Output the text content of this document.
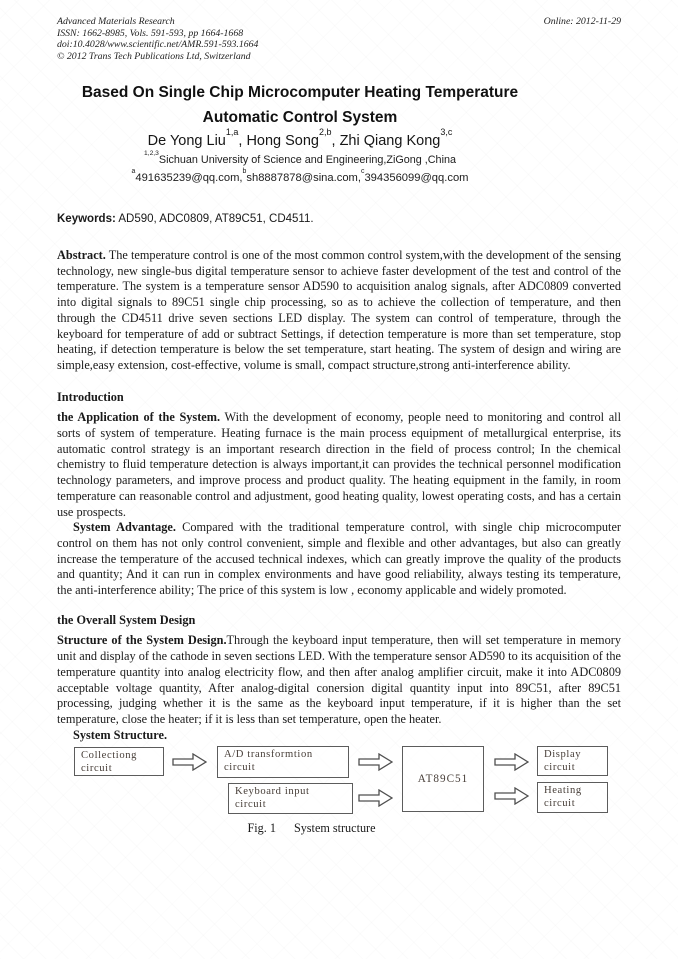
Advanced Materials Research
ISSN: 1662-8985, Vols. 591-593, pp 1664-1668
doi:10.4028/www.scientific.net/AMR.591-593.1664
© 2012 Trans Tech Publications Ltd, Switzerland
Online: 2012-11-29
Based On Single Chip Microcomputer Heating Temperature
Automatic Control System
De Yong Liu$^{1,a}$, Hong Song$^{2,b}$, Zhi Qiang Kong$^{3,c}$
$^{1,2,3}$Sichuan University of Science and Engineering,ZiGong ,China
$^a$491635239@qq.com,$^b$sh8887878@sina.com,$^c$394356099@qq.com
Keywords: AD590, ADC0809, AT89C51, CD4511.

Abstract. The temperature control is one of the most common control system,with the development of the sensing technology, new single-bus digital temperature sensor to achieve faster development of the test and control of the temperature. The system is a temperature sensor AD590 to acquisition analog signals, after ADC0809 converted into digital signals to 89C51 single chip processing, so as to achieve the collection of temperature, and then through the CD4511 drive seven sections LED display. The system can control of temperature, through the keyboard for temperature of add or subtract Settings, if detection temperature is more than set temperature, stop heating, if detection temperature is below the set temperature, start heating. The system of design and wiring are simple,easy extension, cost-effective, volume is small, compact structure,strong anti-interference ability.

Introduction

the Application of the System. With the development of economy, people need to monitoring and control all sorts of system of temperature. Heating furnace is the main process equipment of metallurgical enterprise, its automatic control strategy is an important research direction in the field of process control; In the chemical chemistry to fluid temperature detection is always important,it can provides the technical personnel modification technology parameters, and improve process and product quality. The heating equipment in the family, in room temperature can reasonable control and adjustment, good heating quality, lowest operating costs, and has a certain use prospects.

System Advantage. Compared with the traditional temperature control, with single chip microcomputer control on them has not only control convenient, simple and flexible and other advantages, but also can greatly increase the temperature of the accused technical indexes, which can greatly improve the quality of the products and quantity; And it can run in complex environments and have good reliability, always testing its temperature, the anti-interference ability; The price of this system is low , economy applicable and widely promoted.

the Overall System Design

Structure of the System Design.Through the keyboard input temperature, then will set temperature in memory unit and display of the cathode in seven sections LED. With the temperature sensor AD590 to its acquisition of the temperature quantity into analog electricity flow, and then after analog amplifier circuit, make it into ADC0809 acceptable voltage quantity, After analog-digital conersion digital quantity input into 89C51, after 89C51 processing, judging whether it is the same as the keyboard input temperature, if it is higher than the set temperature, close the heater; if it is less than set temperature, open the heater.

System Structure.

Collectiong
circuit
A/D transformtion
circuit
Keyboard input
circuit
AT89C51
Display
circuit
Heating
circuit
Fig. 1 System structure
